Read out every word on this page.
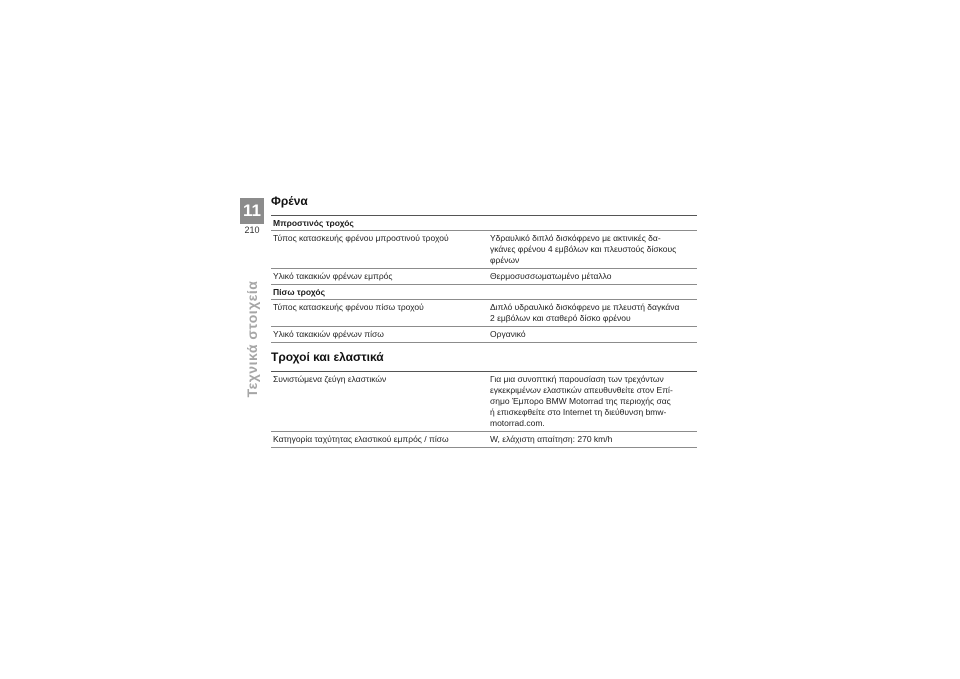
11
210
Τεχνικά στοιχεία
Φρένα
Μπροστινός τροχός
Τύπος κατασκευής φρένου μπροστινού τροχού	Υδραυλικό διπλό δισκόφρενο με ακτινικές δα-
γκάνες φρένου 4 εμβόλων και πλευστούς δίσκους
φρένων
Υλικό τακακιών φρένων εμπρός	Θερμοσυσσωματωμένο μέταλλο
Πίσω τροχός
Τύπος κατασκευής φρένου πίσω τροχού	Διπλό υδραυλικό δισκόφρενο με πλευστή δαγκάνα
2 εμβόλων και σταθερό δίσκο φρένου
Υλικό τακακιών φρένων πίσω	Οργανικό
Τροχοί και ελαστικά
Συνιστώμενα ζεύγη ελαστικών	Για μια συνοπτική παρουσίαση των τρεχόντων
εγκεκριμένων ελαστικών απευθυνθείτε στον Επί-
σημο Έμπορο BMW Motorrad της περιοχής σας
ή επισκεφθείτε στο Internet τη διεύθυνση bmw-
motorrad.com.
Κατηγορία ταχύτητας ελαστικού εμπρός / πίσω	W, ελάχιστη απαίτηση: 270 km/h
